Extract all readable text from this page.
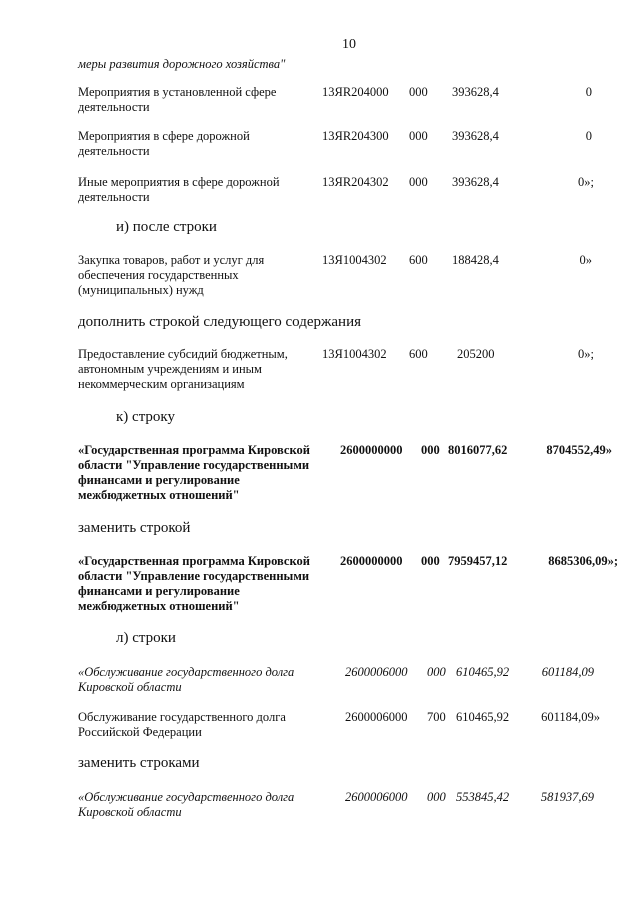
10
меры развития дорожного хозяйства"
Мероприятия в установленной сфере
деятельности
13ЯR204000 000 393628,4	0
Мероприятия в сфере дорожной
деятельности
13ЯR204300 000 393628,4	0
Иные мероприятия в сфере дорожной
деятельности
13ЯR204302 000 393628,4	0»;
и) после строки
Закупка товаров, работ и услуг для
обеспечения государственных
(муниципальных) нужд
13Я1004302 600 188428,4	0»
дополнить строкой следующего содержания
Предоставление субсидий бюджетным,
автономным учреждениям и иным
некоммерческим организациям
13Я1004302 600 205200	0»;
к) строку
«Государственная программа Кировской
области "Управление государственными
финансами и регулирование
межбюджетных отношений"
2600000000 000 8016077,62	8704552,49»
заменить строкой
«Государственная программа Кировской
области "Управление государственными
финансами и регулирование
межбюджетных отношений"
2600000000 000 7959457,12	8685306,09»;
л) строки
«Обслуживание государственного долга
Кировской области
2600006000 000 610465,92	601184,09
Обслуживание государственного долга
Российской Федерации
2600006000 700 610465,92	601184,09»
заменить строками
«Обслуживание государственного долга
Кировской области
2600006000 000 553845,42	581937,69
